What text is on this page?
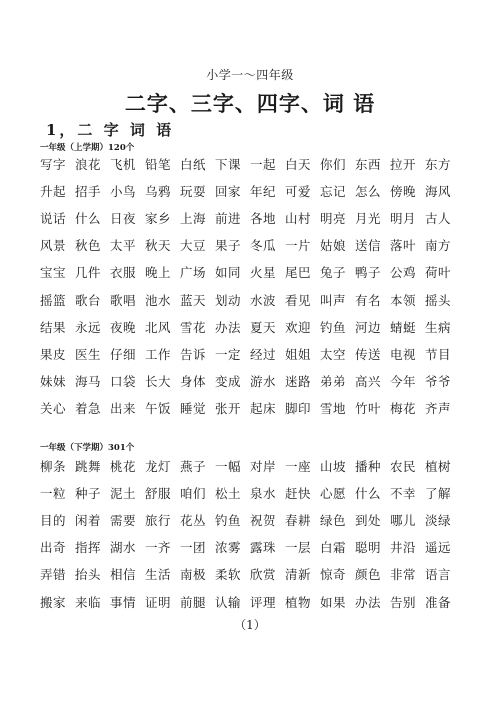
小学一～四年级
二字、三字、四字、词 语
1，二 字 词 语
一年级（上学期）120个
写字 浪花 飞机 铅笔 白纸 下课 一起 白天 你们 东西 拉开 东方
升起 招手 小鸟 乌鸦 玩耍 回家 年纪 可爱 忘记 怎么 傍晚 海风
说话 什么 日夜 家乡 上海 前进 各地 山村 明亮 月光 明月 古人
风景 秋色 太平 秋天 大豆 果子 冬瓜 一片 姑娘 送信 落叶 南方
宝宝 几件 衣服 晚上 广场 如同 火星 尾巴 兔子 鸭子 公鸡 荷叶
摇篮 歌台 歌唱 池水 蓝天 划动 水波 看见 叫声 有名 本领 摇头
结果 永远 夜晚 北风 雪花 办法 夏天 欢迎 钓鱼 河边 蜻蜓 生病
果皮 医生 仔细 工作 告诉 一定 经过 姐姐 太空 传送 电视 节目
妹妹 海马 口袋 长大 身体 变成 游水 迷路 弟弟 高兴 今年 爷爷
关心 着急 出来 午饭 睡觉 张开 起床 脚印 雪地 竹叶 梅花 齐声
一年级（下学期）301个
柳条 跳舞 桃花 龙灯 燕子 一幅 对岸 一座 山坡 播种 农民 植树
一粒 种子 泥土 舒服 咱们 松土 泉水 赶快 心愿 什么 不幸 了解
目的 闲着 需要 旅行 花丛 钓鱼 祝贺 春耕 绿色 到处 哪儿 淡绿
出奇 指挥 湖水 一齐 一团 浓雾 露珠 一层 白霜 聪明 井沿 遥远
弄错 抬头 相信 生活 南极 柔软 欣赏 清新 惊奇 颜色 非常 语言
搬家 来临 事情 证明 前腿 认输 评理 植物 如果 办法 告别 准备
（1）
